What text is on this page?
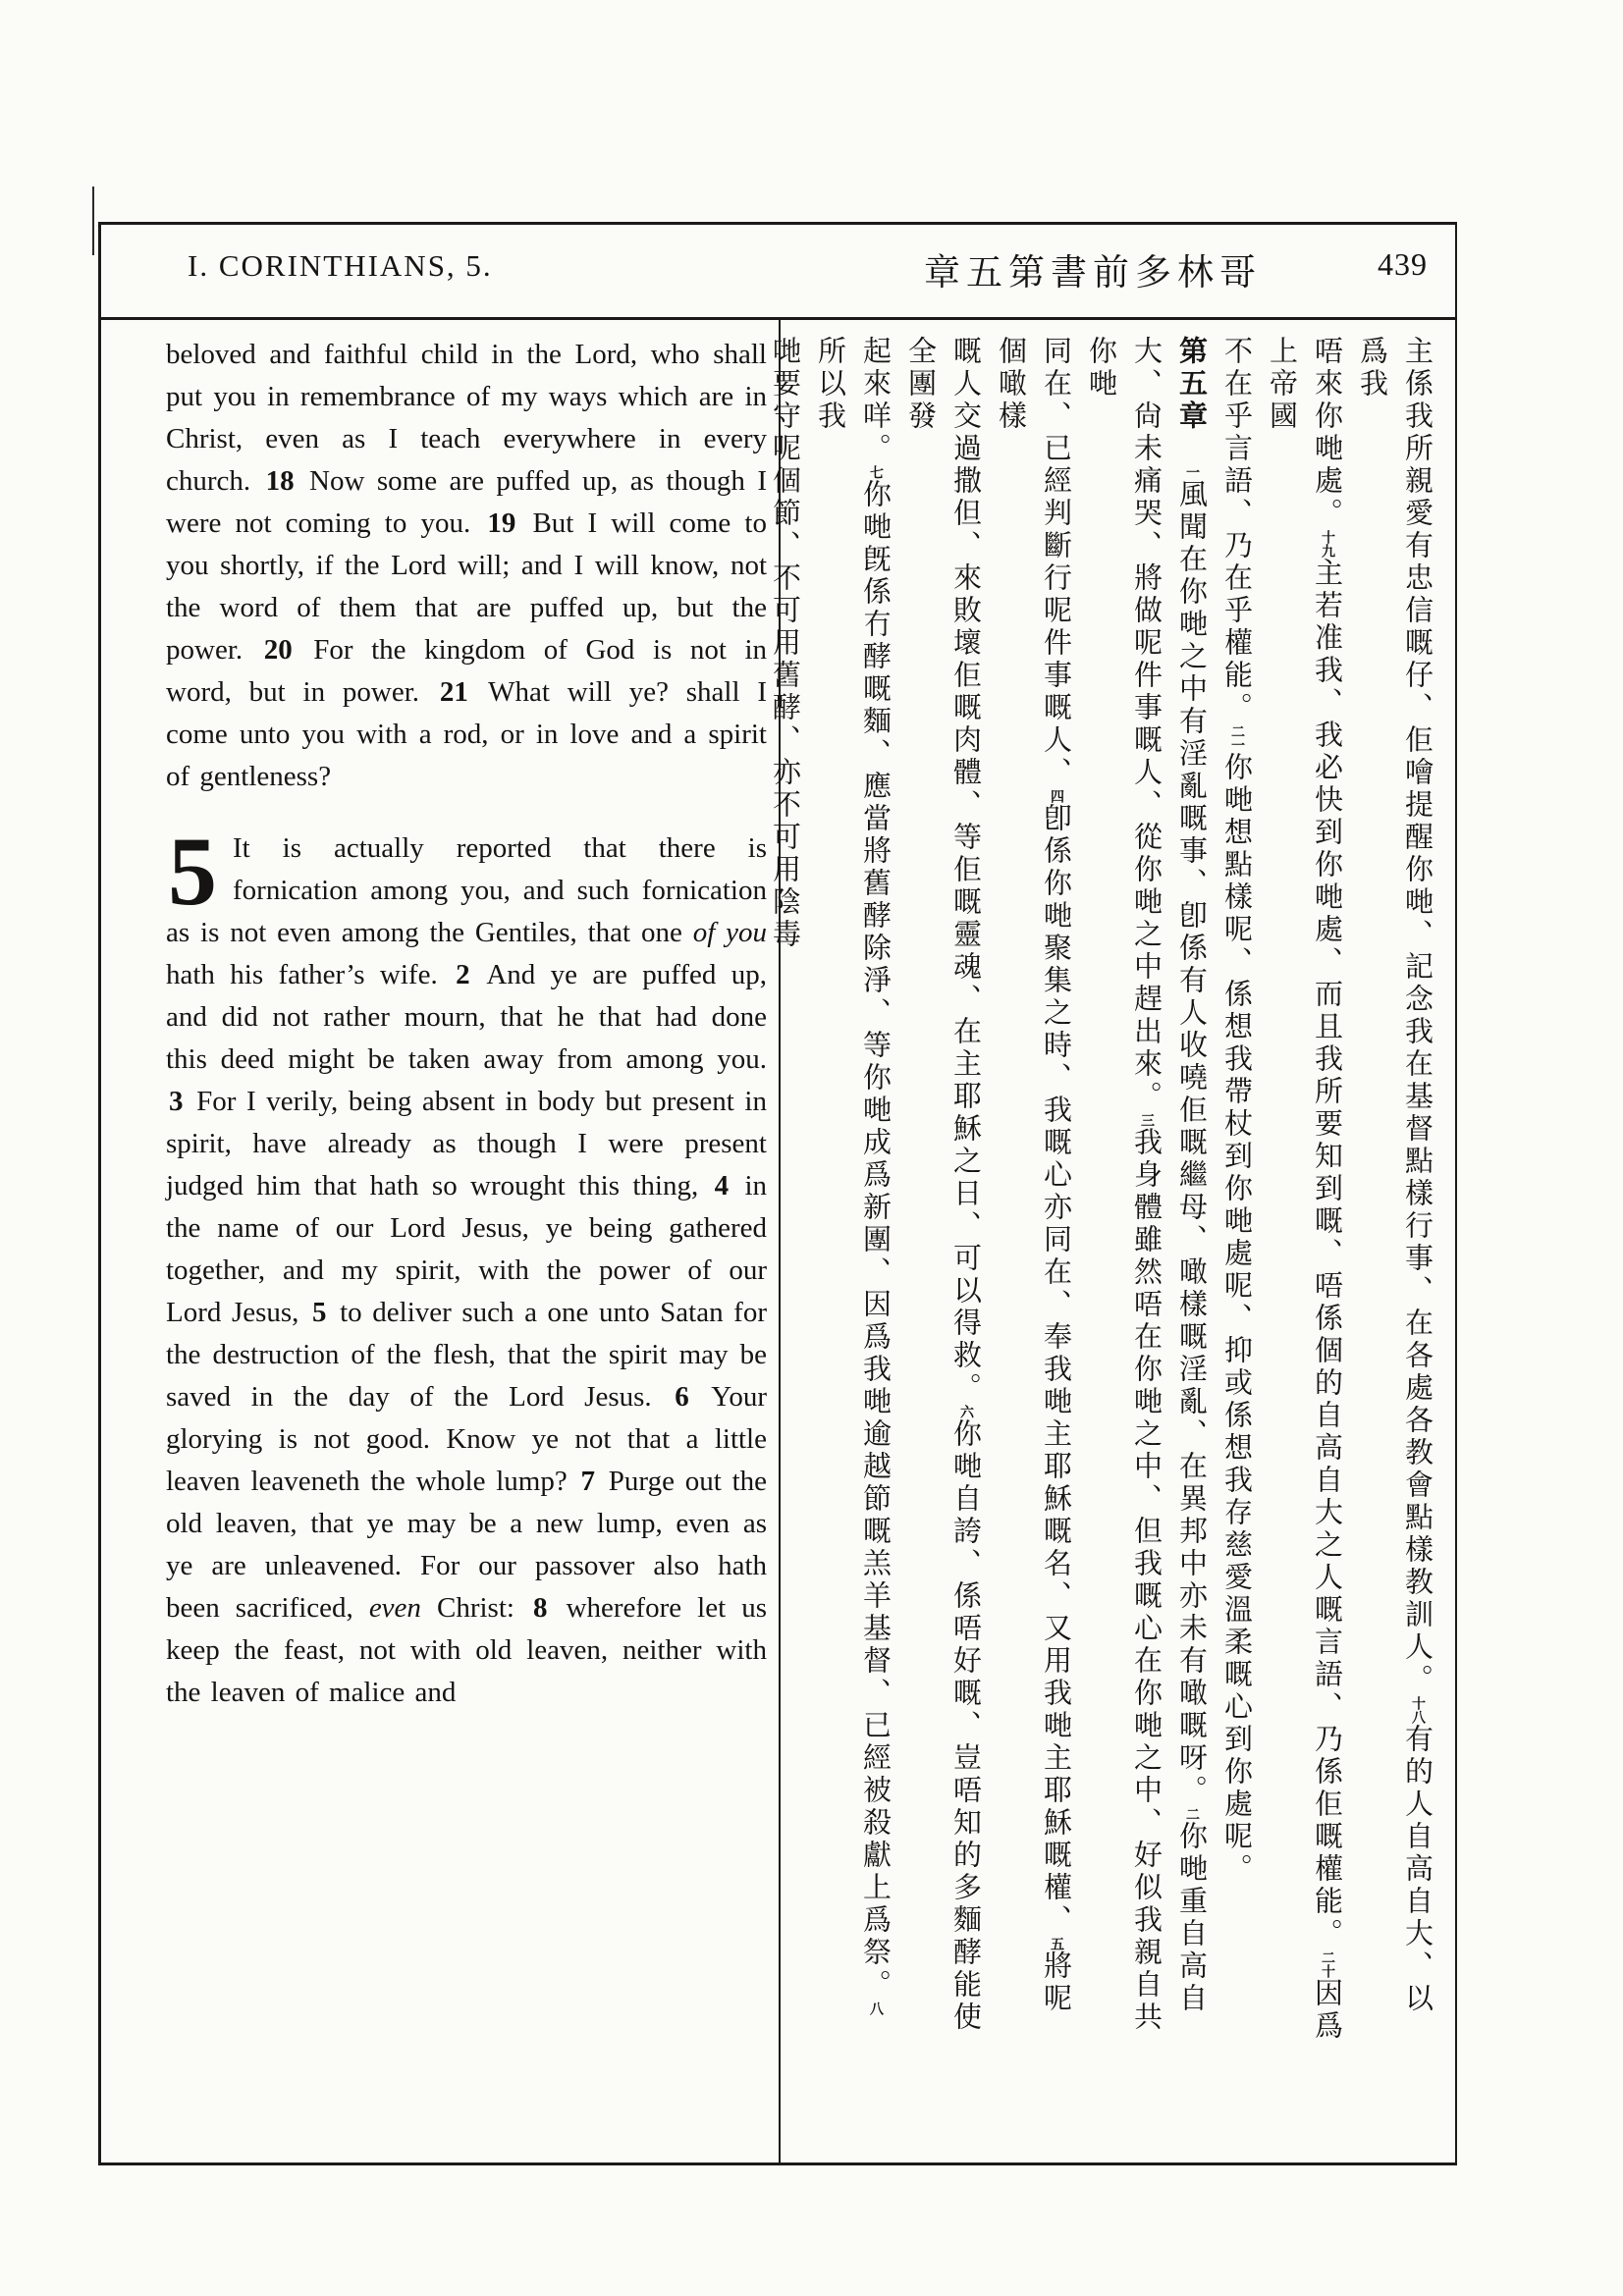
I. CORINTHIANS, 5.	章五第書前多林哥	439

beloved and faithful child in the Lord, who shall put you in remembrance of my ways which are in Christ, even as I teach everywhere in every church. 18 Now some are puffed up, as though I were not coming to you. 19 But I will come to you shortly, if the Lord will; and I will know, not the word of them that are puffed up, but the power. 20 For the kingdom of God is not in word, but in power. 21 What will ye? shall I come unto you with a rod, or in love and a spirit of gentleness?

5 It is actually reported that there is fornication among you, and such fornication as is not even among the Gentiles, that one of you hath his father’s wife. 2 And ye are puffed up, and did not rather mourn, that he that had done this deed might be taken away from among you. 3 For I verily, being absent in body but present in spirit, have already as though I were present judged him that hath so wrought this thing, 4 in the name of our Lord Jesus, ye being gathered together, and my spirit, with the power of our Lord Jesus, 5 to deliver such a one unto Satan for the destruction of the flesh, that the spirit may be saved in the day of the Lord Jesus. 6 Your glorying is not good. Know ye not that a little leaven leaveneth the whole lump? 7 Purge out the old leaven, that ye may be a new lump, even as ye are unleavened. For our passover also hath been sacrificed, even Christ: 8 wherefore let us keep the feast, not with old leaven, neither with the leaven of malice and	主係我所親愛有忠信嘅仔、佢噲提醒你哋、記念我在基督點樣行事、在各處各教會點樣教訓人。十八有的人自高自大、以爲我
唔來你哋處。十九主若准我、我必快到你哋處、而且我所要知到嘅、唔係個的自高自大之人嘅言語、乃係佢嘅權能。二十因爲上帝國
不在乎言語、乃在乎權能。二一你哋想點樣呢、係想我帶杖到你哋處呢、抑或係想我存慈愛溫柔嘅心到你處呢。
第五章　一風聞在你哋之中有淫亂嘅事、卽係有人收嘵佢嘅繼母、噉樣嘅淫亂、在異邦中亦未有噉嘅呀。二你哋重自高自
大、尙未痛哭、將做呢件事嘅人、從你哋之中趕出來。三我身體雖然唔在你哋之中、但我嘅心在你哋之中、好似我親自共你哋
同在、已經判斷行呢件事嘅人、四卽係你哋聚集之時、我嘅心亦同在、奉我哋主耶穌嘅名、又用我哋主耶穌嘅權、五將呢個噉樣
嘅人交過撒但、來敗壞佢嘅肉體、等佢嘅靈魂、在主耶穌之日、可以得救。六你哋自誇、係唔好嘅、豈唔知的多麵酵能使全團發
起來咩。七你哋旣係冇酵嘅麵、應當將舊酵除淨、等你哋成爲新團、因爲我哋逾越節嘅羔羊基督、已經被殺獻上爲祭。八所以我
哋要守呢個節、不可用舊酵、亦不可用陰毒
